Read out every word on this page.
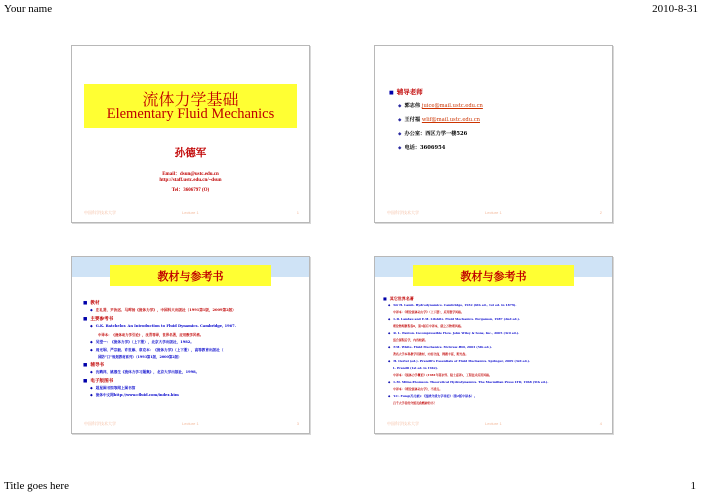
Your name	2010-8-31
Title goes here	1
流体力学基础
Elementary Fluid Mechanics
孙德军
Email：dsun@ustc.edu.cn
http://staff.ustc.edu.cn/~dsun
Tel：3606797 (O)
中国科学技术大学	Lecture 1	1
■ 辅导老师
◆ 郭志伟 juice@mail.ustc.edu.cn
◆ 王付福 wlif@mail.ustc.edu.cn
◆ 办公室：西区力学一楼526
◆ 电话：3606954
中国科学技术大学	Lecture 1	2
教材与参考书
■ 教材
◆ 庄礼贤、尹协远、马晖扬《流体力学》，中国科大出版社（1991第1版，2009第2版）
■ 主要参考书
◆ G.K. Batchelor. An Introduction to Fluid Dynamics. Cambridge, 1967.
中译本：《流体动力学引论》，沈青等译，世界名著，应用数学风格。
◆ 吴望一：《流体力学》（上下册），北京大学出版社，1982。
◆ 周光坰、严宗毅、许世雄、章克本：《流体力学》（上下册），高等教育出版社（
国防“口”规划教材系列）（1993第1版，2000第2版）
■ 辅导书
◆ 沈鹤祥，姚慕生《流体力学习题集》，北京大学出版社，1998。
■ 电子版图书
◆ 超星图书馆等网上图书馆
◆ 流体中文网http://www.cfluid.com/index.htm
中国科学技术大学	Lecture 1	3
教材与参考书
■ 其它世界名著
◆ Sir H. Lamb. Hydrodynamics. Cambridge, 1932 (6th ed., 1st ed. in 1879).
中译本：《理论流体动力学》（上下册），应用数学风格。
◆ L.D. Landau and E.M. Lifshitz. Fluid Mechanics. Pergamon, 1987 (2nd ed.).
理论物理教程卷6，第1版有中译本，朗之万物理风格。
◆ R. L. Panton. Incompressible Flow. John Wiley & Sons, Inc., 2005 (3rd ed.).
适合课程后学，内容较新。
◆ F.M. White. Fluid Mechanics. McGraw-Hill, 2003 (5th ed.).
著名大学本科教学用教材，内容全面，例题丰富，附光盘。
◆ H. Oertel (ed.). Prandtl's Essentials of Fluid Mechanics. Springer, 2009 (3rd ed.).
L. Prandtl (1st ed. in 1942).
中译本：《流体力学概论》(1981年郭永怀、陆士嘉译)，工程技术应用风格。
◆ L.M. Milne-Thomson. Theoretical Hydrodynamics. The Macmillan Press LTD, 1968 (5th ed.).
中译本：《理论流体动力学》，不清点。
◆ Y.C. Fung(冯元桢)：《连续介质力学导论》（第2版中译本）。
百千大学者的介绍及我精辟的书！
中国科学技术大学	Lecture 1	4
